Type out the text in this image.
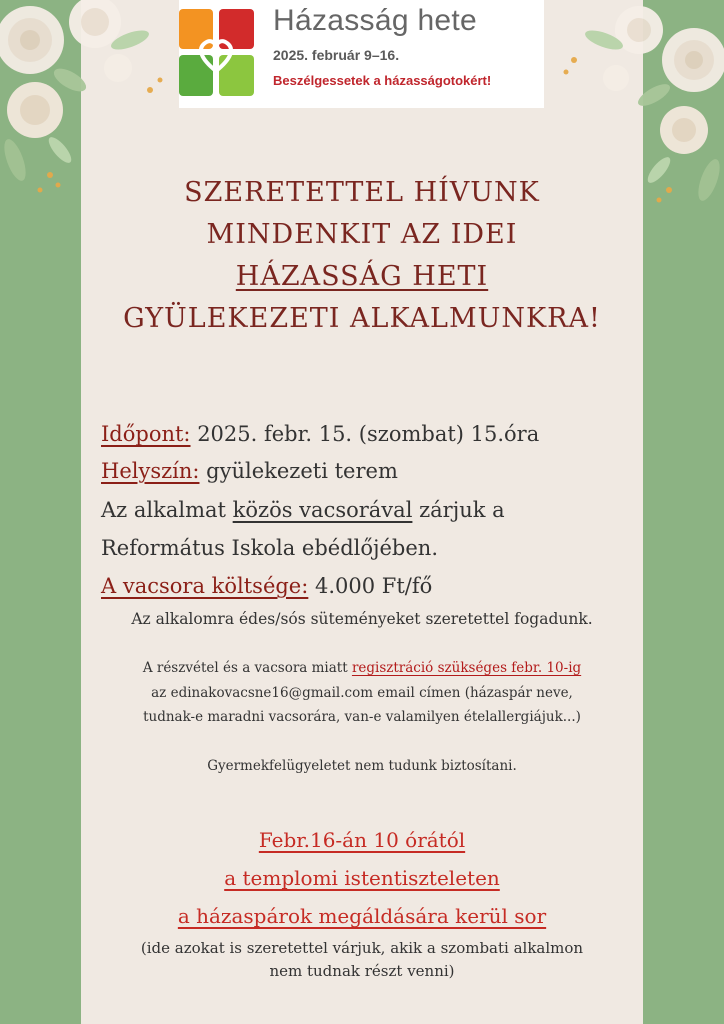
Házasság hete
2025. február 9–16.
Beszélgessetek a házasságotokért!
SZERETETTEL HÍVUNK
MINDENKIT AZ IDEI
HÁZASSÁG HETI
GYÜLEKEZETI ALKALMUNKRA!
Időpont: 2025. febr. 15. (szombat) 15.óra
Helyszín: gyülekezeti terem
Az alkalmat közös vacsorával zárjuk a
Református Iskola ebédlőjében.
A vacsora költsége: 4.000 Ft/fő
Az alkalomra édes/sós süteményeket szeretettel fogadunk.
A részvétel és a vacsora miatt regisztráció szükséges febr. 10-ig
az edinakovacsne16@gmail.com email címen (házaspár neve,
tudnak-e maradni vacsorára, van-e valamilyen ételallergiájuk...)
Gyermekfelügyeletet nem tudunk biztosítani.
Febr.16-án 10 órától
a templomi istentiszteleten
a házaspárok megáldására kerül sor
(ide azokat is szeretettel várjuk, akik a szombati alkalmon
nem tudnak részt venni)
